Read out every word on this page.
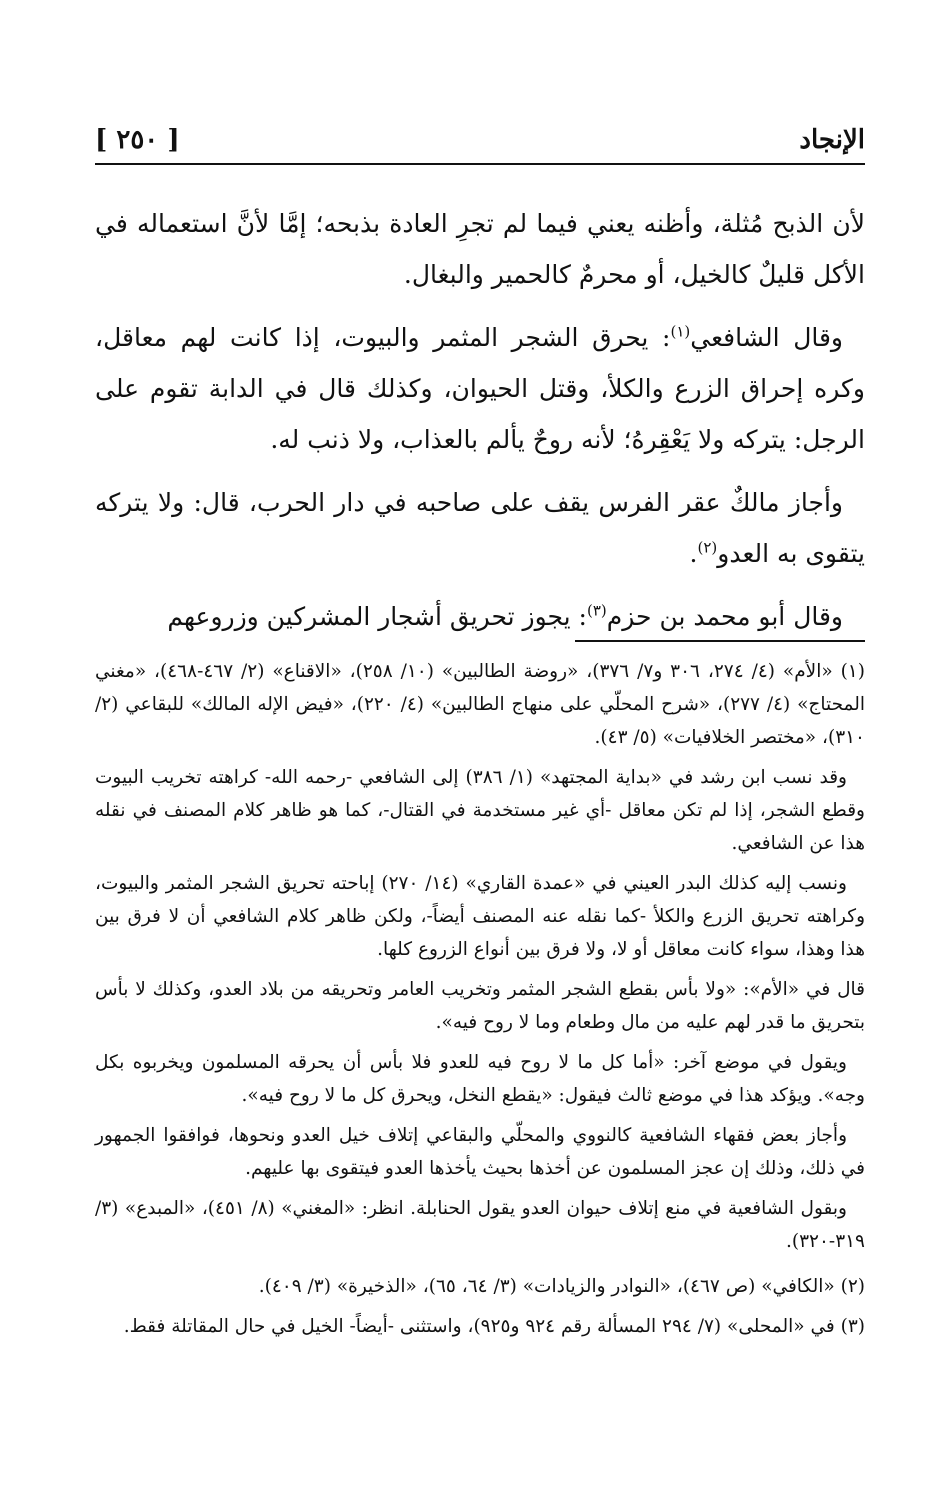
الإنجاد
[ ٢٥٠ ]

لأن الذبح مُثلة، وأظنه يعني فيما لم تجرِ العادة بذبحه؛ إمَّا لأنَّ استعماله في الأكل قليلٌ كالخيل، أو محرمٌ كالحمير والبغال.

وقال الشافعي$^{(١)}$: يحرق الشجر المثمر والبيوت، إذا كانت لهم معاقل، وكره إحراق الزرع والكلأ، وقتل الحيوان، وكذلك قال في الدابة تقوم على الرجل: يتركه ولا يَعْقِرهُ؛ لأنه روحٌ يألم بالعذاب، ولا ذنب له.

وأجاز مالكٌ عقر الفرس يقف على صاحبه في دار الحرب، قال: ولا يتركه يتقوى به العدو$^{(٢)}$.

وقال أبو محمد بن حزم$^{(٣)}$: يجوز تحريق أشجار المشركين وزروعهم

(١) «الأم» (٤/ ٢٧٤، ٣٠٦ و٧/ ٣٧٦)، «روضة الطالبين» (١٠/ ٢٥٨)، «الاقناع» (٢/ ٤٦٧-٤٦٨)، «مغني المحتاج» (٤/ ٢٧٧)، «شرح المحلّي على منهاج الطالبين» (٤/ ٢٢٠)، «فيض الإله المالك» للبقاعي (٢/ ٣١٠)، «مختصر الخلافيات» (٥/ ٤٣).

وقد نسب ابن رشد في «بداية المجتهد» (١/ ٣٨٦) إلى الشافعي -رحمه الله- كراهته تخريب البيوت وقطع الشجر، إذا لم تكن معاقل -أي غير مستخدمة في القتال-، كما هو ظاهر كلام المصنف في نقله هذا عن الشافعي.

ونسب إليه كذلك البدر العيني في «عمدة القاري» (١٤/ ٢٧٠) إباحته تحريق الشجر المثمر والبيوت، وكراهته تحريق الزرع والكلأ -كما نقله عنه المصنف أيضاً-، ولكن ظاهر كلام الشافعي أن لا فرق بين هذا وهذا، سواء كانت معاقل أو لا، ولا فرق بين أنواع الزروع كلها.

قال في «الأم»: «ولا بأس بقطع الشجر المثمر وتخريب العامر وتحريقه من بلاد العدو، وكذلك لا بأس بتحريق ما قدر لهم عليه من مال وطعام وما لا روح فيه».

ويقول في موضع آخر: «أما كل ما لا روح فيه للعدو فلا بأس أن يحرقه المسلمون ويخربوه بكل وجه». ويؤكد هذا في موضع ثالث فيقول: «يقطع النخل، ويحرق كل ما لا روح فيه».

وأجاز بعض فقهاء الشافعية كالنووي والمحلّي والبقاعي إتلاف خيل العدو ونحوها، فوافقوا الجمهور في ذلك، وذلك إن عجز المسلمون عن أخذها بحيث يأخذها العدو فيتقوى بها عليهم.

وبقول الشافعية في منع إتلاف حيوان العدو يقول الحنابلة. انظر: «المغني» (٨/ ٤٥١)، «المبدع» (٣/ ٣١٩-٣٢٠).

(٢) «الكافي» (ص ٤٦٧)، «النوادر والزيادات» (٣/ ٦٤، ٦٥)، «الذخيرة» (٣/ ٤٠٩).

(٣) في «المحلى» (٧/ ٢٩٤ المسألة رقم ٩٢٤ و٩٢٥)، واستثنى -أيضاً- الخيل في حال المقاتلة فقط.
